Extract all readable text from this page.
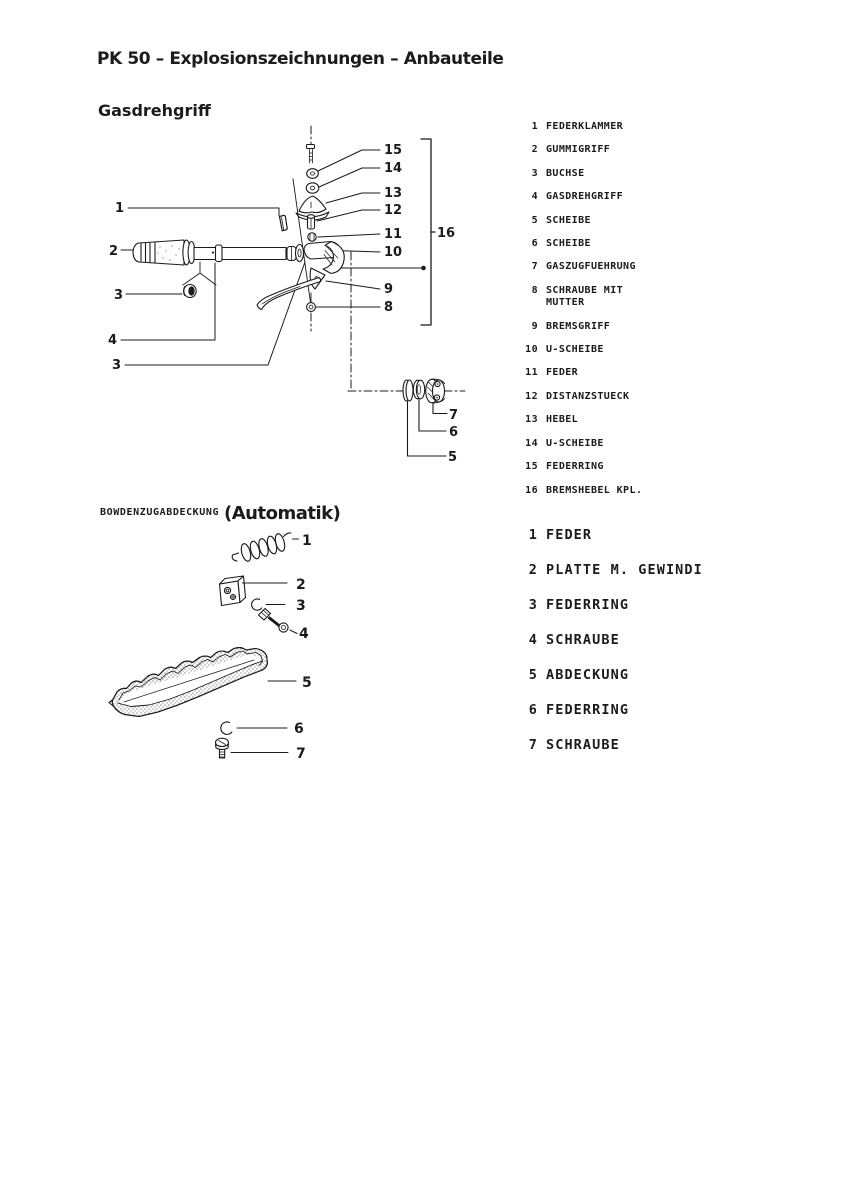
PK 50 – Explosionszeichnungen – Anbauteile
Gasdrehgriff
1
2
3
4
3
15
14
13
12
11
10
9
8
16
7
6
5
1 FEDERKLAMMER
2 GUMMIGRIFF
3 BUCHSE
4 GASDREHGRIFF
5 SCHEIBE
6 SCHEIBE
7 GASZUGFUEHRUNG
8 SCHRAUBE MIT
MUTTER
9 BREMSGRIFF
10 U-SCHEIBE
11 FEDER
12 DISTANZSTUECK
13 HEBEL
14 U-SCHEIBE
15 FEDERRING
16 BREMSHEBEL KPL.
BOWDENZUGABDECKUNG (Automatik)
1
2
3
4
5
6
7
1 FEDER
2 PLATTE M. GEWINDI
3 FEDERRING
4 SCHRAUBE
5 ABDECKUNG
6 FEDERRING
7 SCHRAUBE
